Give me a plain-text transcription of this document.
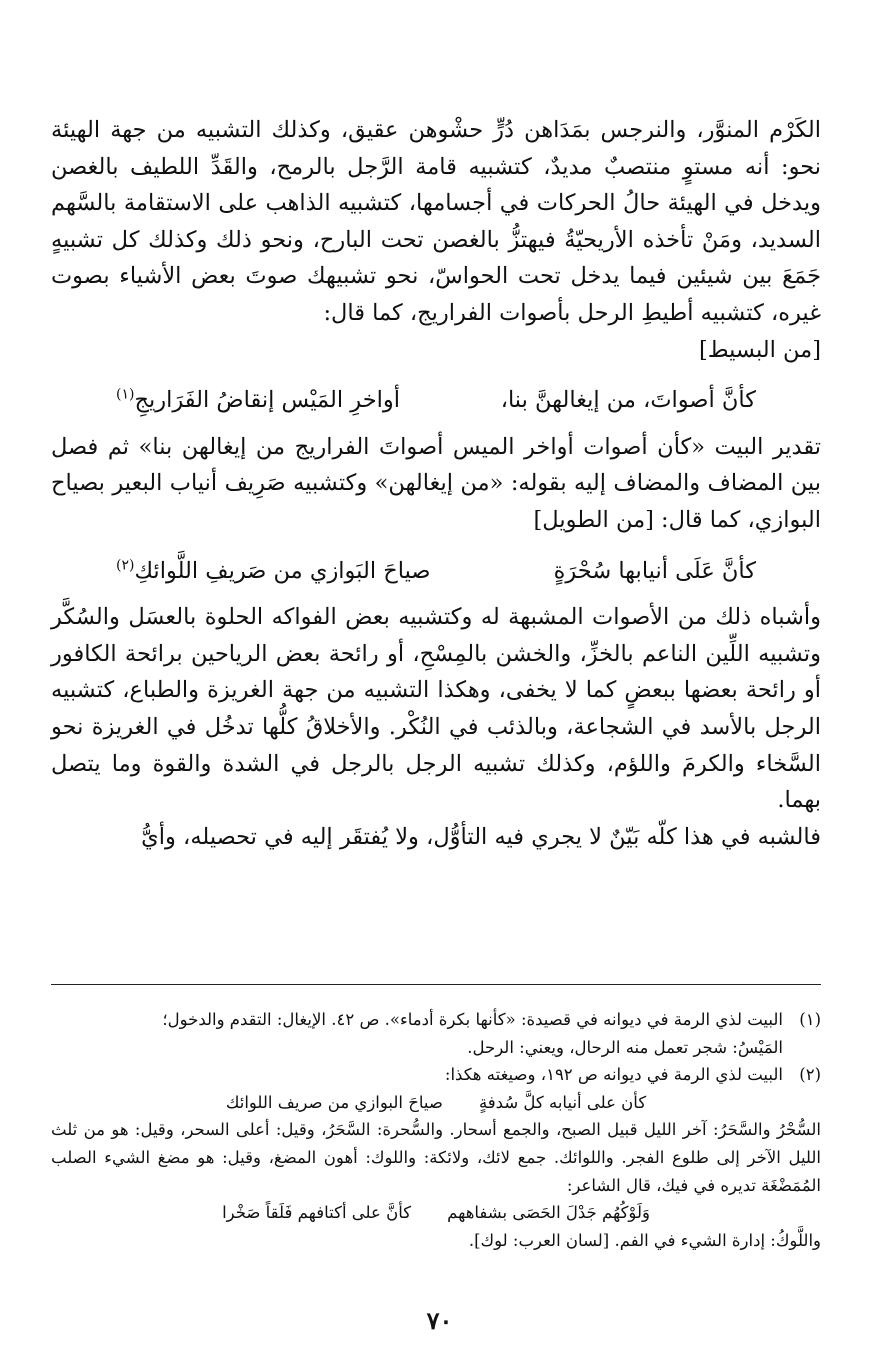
الكَرْم المنوَّر، والنرجس بمَدَاهن دُرٍّ حشْوهن عقيق، وكذلك التشبيه من جهة الهيئة نحو: أنه مستوٍ منتصبٌ مديدٌ، كتشبيه قامة الرَّجل بالرمح، والقَدِّ اللطيف بالغصن ويدخل في الهيئة حالُ الحركات في أجسامها، كتشبيه الذاهب على الاستقامة بالسَّهم السديد، ومَنْ تأخذه الأريحيّةُ فيهتزُّ بالغصن تحت البارح، ونحو ذلك وكذلك كل تشبيهٍ جَمَعَ بين شيئين فيما يدخل تحت الحواسّ، نحو تشبيهك صوتَ بعض الأشياء بصوت غيره، كتشبيه أطيطِ الرحل بأصوات الفراريج، كما قال:

[من البسيط]

كأنَّ أصواتَ، من إيغالهنَّ بنا،
أواخرِ المَيْس إنقاضُ الفَرَاريجِ$^{(١)}$

تقدير البيت «كأن أصوات أواخر الميس أصواتَ الفراريج من إيغالهن بنا» ثم فصل بين المضاف والمضاف إليه بقوله: «من إيغالهن» وكتشبيه صَرِيف أنياب البعير بصياح البوازي، كما قال: [من الطويل]

كأنَّ عَلَى أنيابها سُحْرَةٍ
صياحَ البَوازي من صَريفِ اللَّوائكِ$^{(٢)}$

وأشباه ذلك من الأصوات المشبهة له وكتشبيه بعض الفواكه الحلوة بالعسَل والسُكَّر وتشبيه اللِّين الناعم بالخزِّ، والخشن بالمِسْحِ، أو رائحة بعض الرياحين برائحة الكافور أو رائحة بعضها ببعضٍ كما لا يخفى، وهكذا التشبيه من جهة الغريزة والطباع، كتشبيه الرجل بالأسد في الشجاعة، وبالذئب في النُكْر. والأخلاقُ كلُّها تدخُل في الغريزة نحو السَّخاء والكرمَ واللؤم، وكذلك تشبيه الرجل بالرجل في الشدة والقوة وما يتصل بهما.

فالشبه في هذا كلّه بَيّنٌ لا يجري فيه التأوُّل، ولا يُفتقَر إليه في تحصيله، وأيُّ

(١)البيت لذي الرمة في ديوانه في قصيدة: «كأنها بكرة أدماء». ص ٤٢. الإيغال: التقدم والدخول؛

المَيْسُ: شجر تعمل منه الرحال، ويعني: الرحل.

(٢)البيت لذي الرمة في ديوانه ص ١٩٢، وصيغته هكذا:

كأن على أنيابه كلَّ سُدفةٍ
صياحَ البوازي من صريف اللوائك

السُّحْرُ والسَّحَرُ: آخر الليل قبيل الصبح، والجمع أسحار. والسُّحرة: السَّحَرُ، وقيل: أعلى السحر، وقيل: هو من ثلث الليل الآخر إلى طلوع الفجر. واللوائك. جمع لائك، ولائكة: واللوك: أهون المضغ، وقيل: هو مضغ الشيء الصلب المُمَضْغَة تديره في فيك، قال الشاعر:

وَلَوْكُهُم جَدْلَ الحَصَى بشفاههم
كأنَّ على أكتافهم فَلَقاً صَخْرا

واللَّوكُ: إدارة الشيء في الفم. [لسان العرب: لوك].

٧٠
